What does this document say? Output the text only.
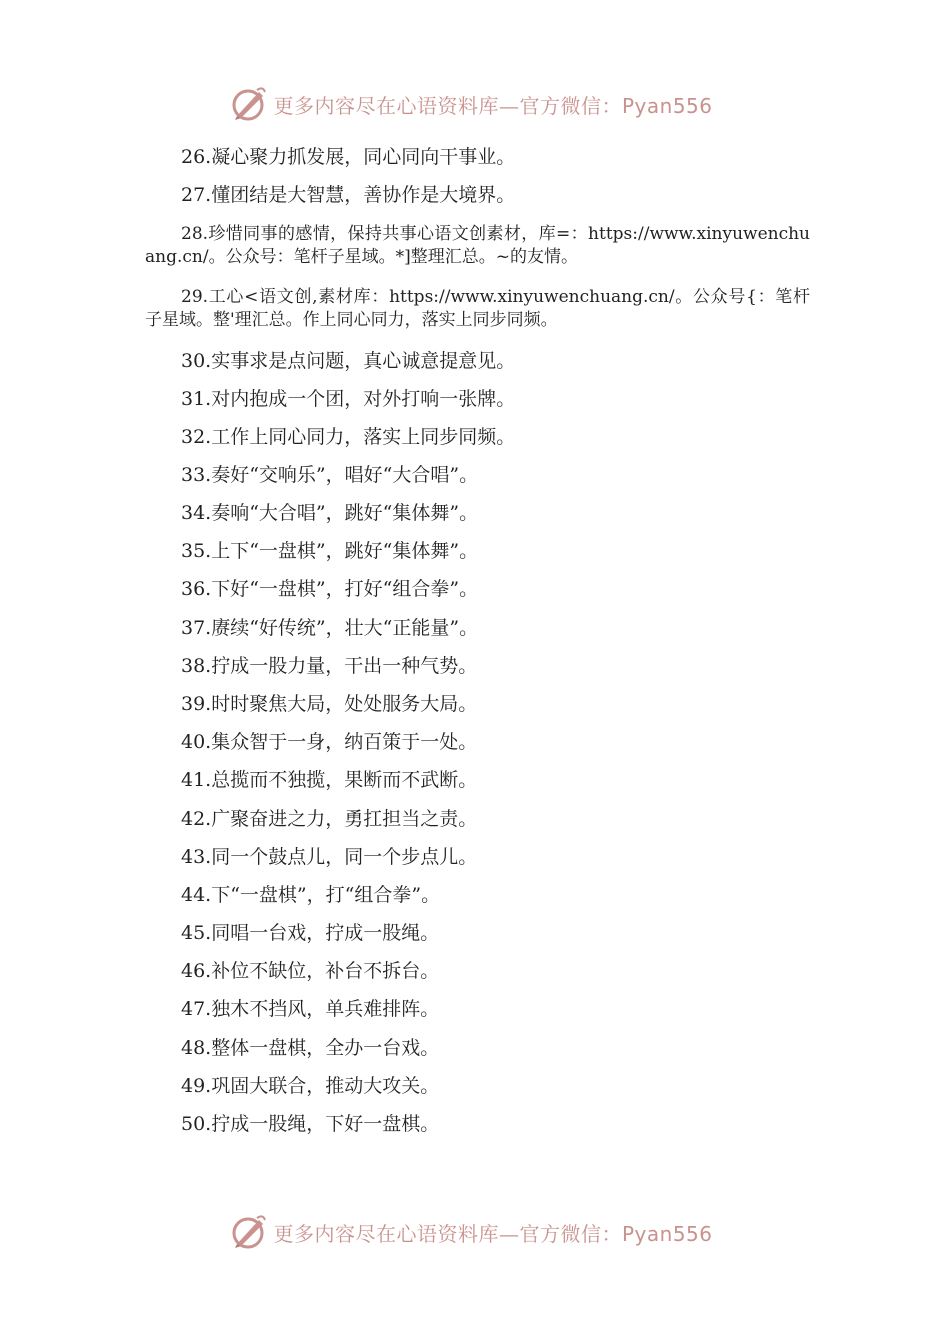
更多内容尽在心语资料库—官方微信：Pyan556
26.凝心聚力抓发展，同心同向干事业。
27.懂团结是大智慧，善协作是大境界。
28.珍惜同事的感情，保持共事心语文创素材，库=：https://www.xinyuwenchuang.cn/。公众号：笔杆子星域。*]整理汇总。~的友情。
29.工心<语文创,素材库：https://www.xinyuwenchuang.cn/。公众号{：笔杆子星域。整'理汇总。作上同心同力，落实上同步同频。
30.实事求是点问题，真心诚意提意见。
31.对内抱成一个团，对外打响一张牌。
32.工作上同心同力，落实上同步同频。
33.奏好“交响乐”，唱好“大合唱”。
34.奏响“大合唱”，跳好“集体舞”。
35.上下“一盘棋”，跳好“集体舞”。
36.下好“一盘棋”，打好“组合拳”。
37.赓续“好传统”，壮大“正能量”。
38.拧成一股力量，干出一种气势。
39.时时聚焦大局，处处服务大局。
40.集众智于一身，纳百策于一处。
41.总揽而不独揽，果断而不武断。
42.广聚奋进之力，勇扛担当之责。
43.同一个鼓点儿，同一个步点儿。
44.下“一盘棋”，打“组合拳”。
45.同唱一台戏，拧成一股绳。
46.补位不缺位，补台不拆台。
47.独木不挡风，单兵难排阵。
48.整体一盘棋，全办一台戏。
49.巩固大联合，推动大攻关。
50.拧成一股绳，下好一盘棋。
更多内容尽在心语资料库—官方微信：Pyan556
